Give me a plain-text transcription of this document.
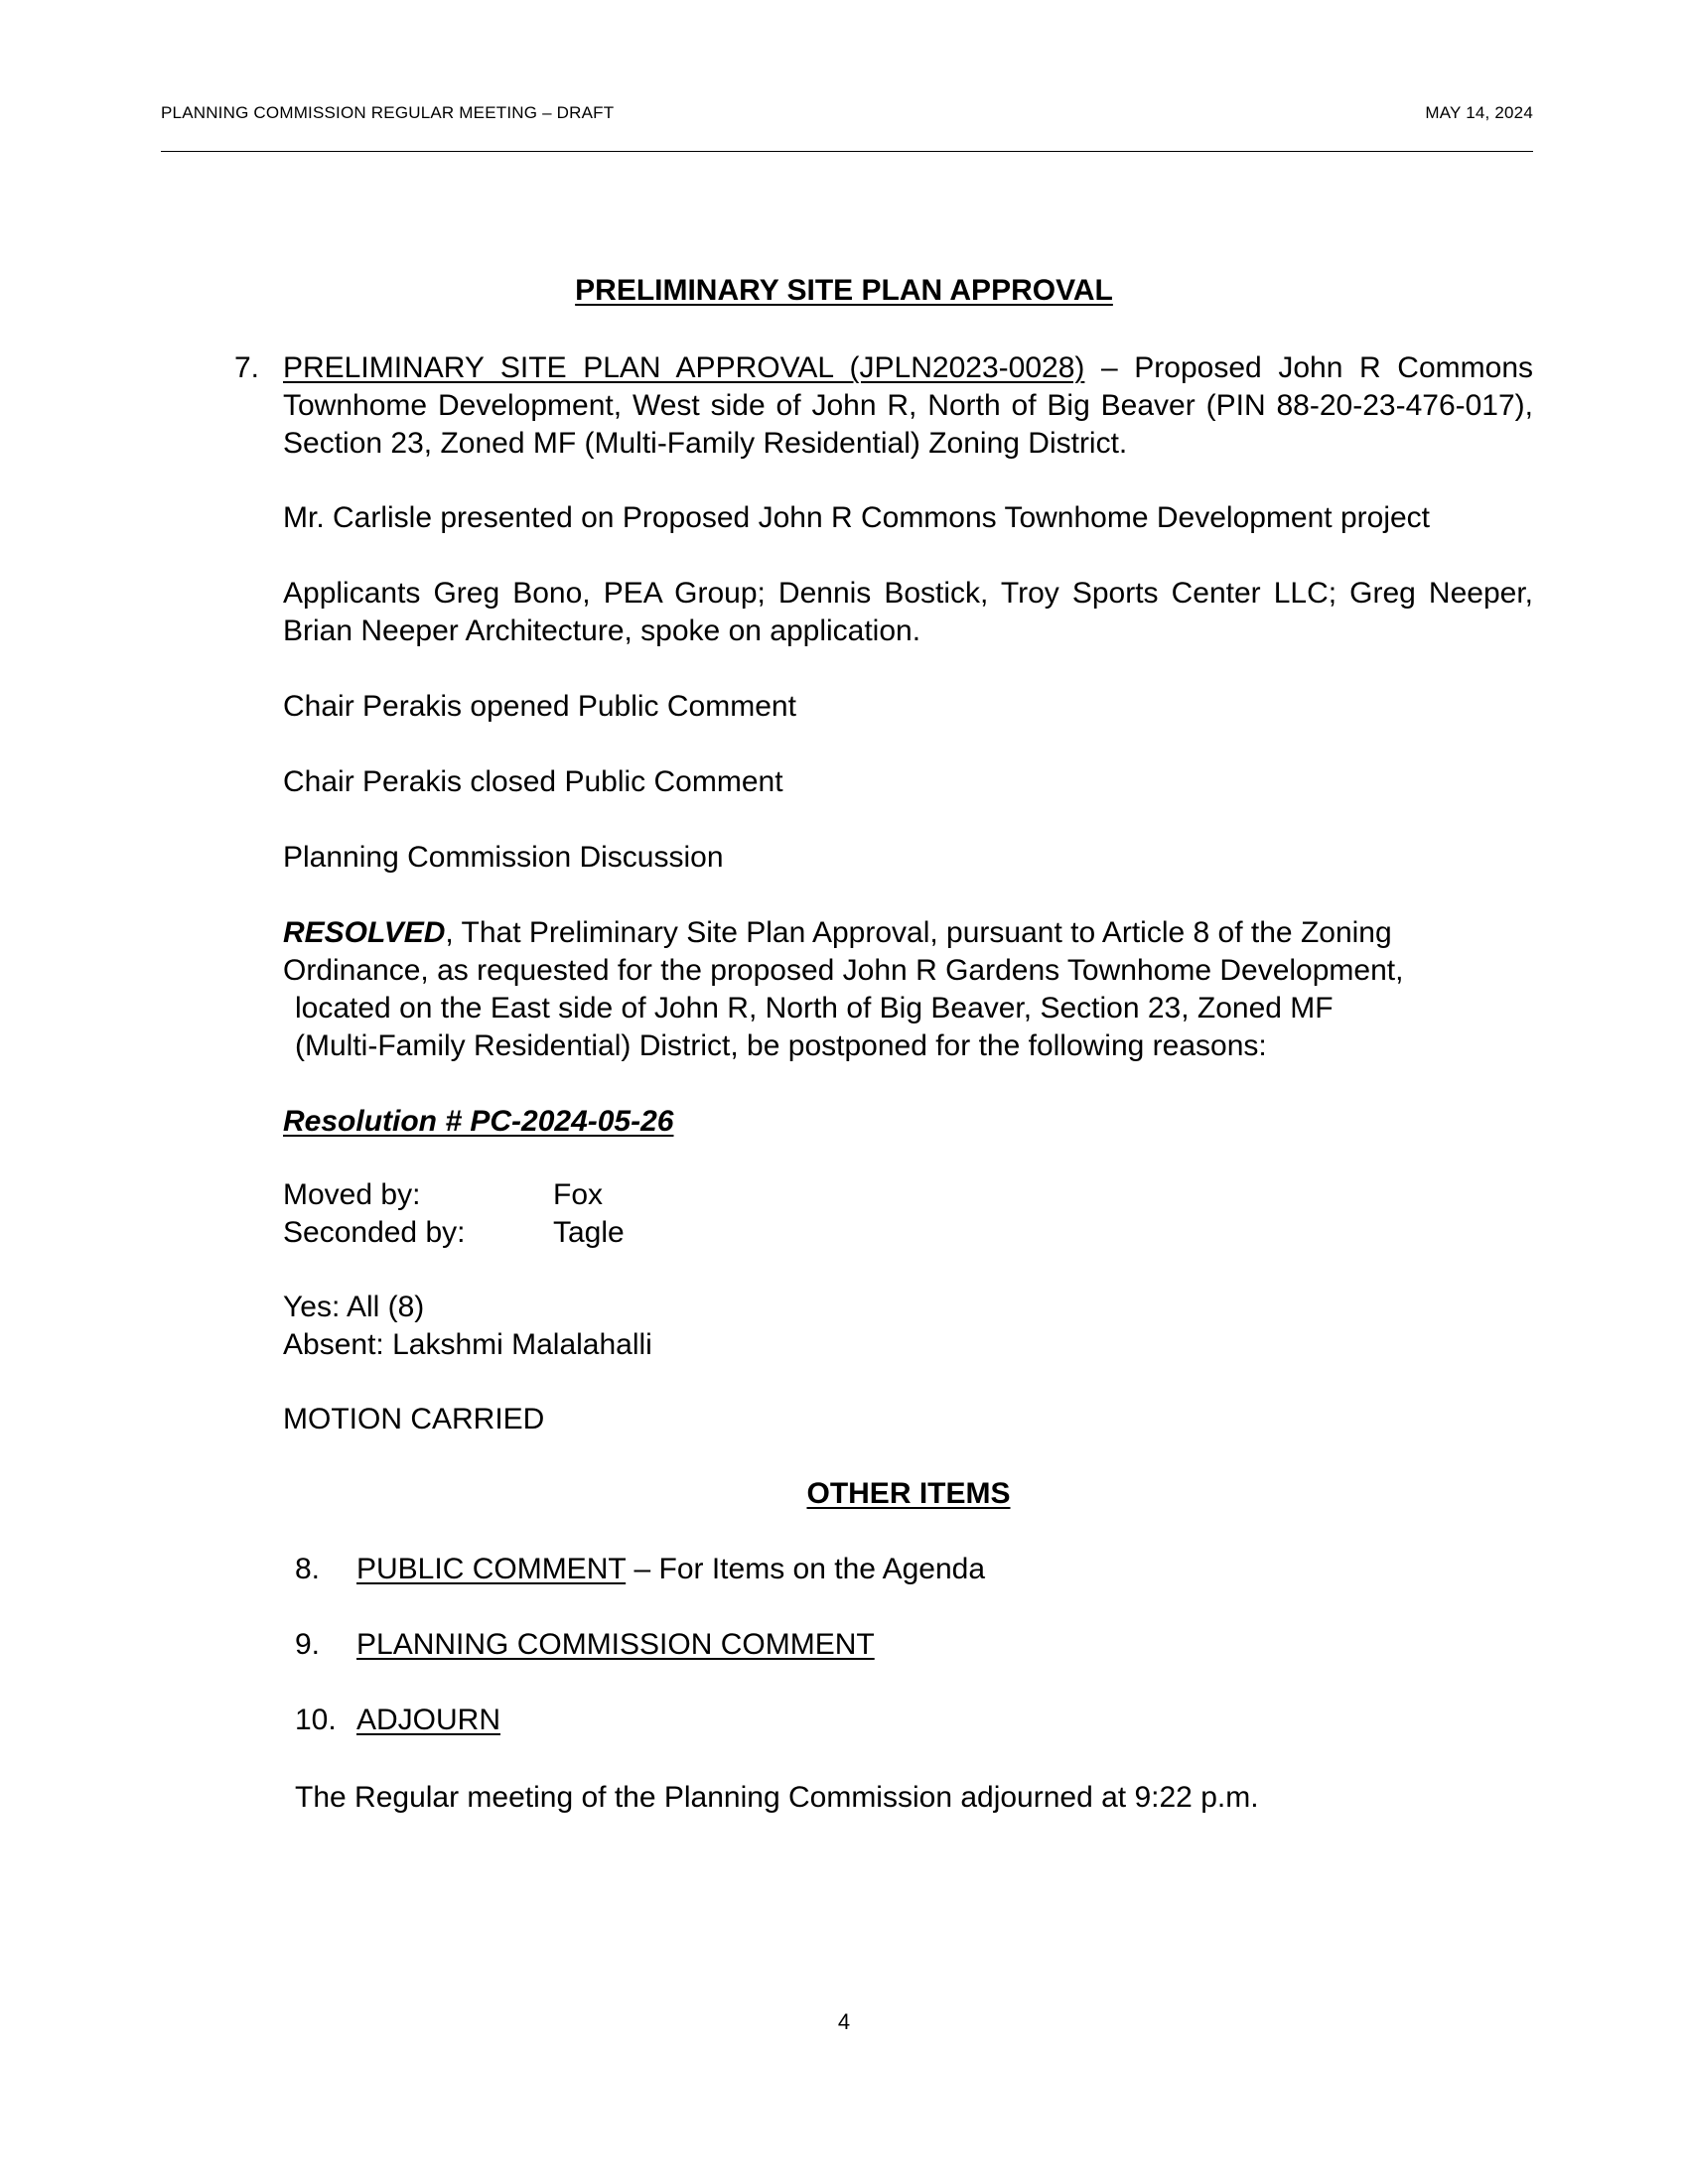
PLANNING COMMISSION REGULAR MEETING – DRAFT	MAY 14, 2024
PRELIMINARY SITE PLAN APPROVAL
7. PRELIMINARY SITE PLAN APPROVAL (JPLN2023-0028) – Proposed John R Commons Townhome Development, West side of John R, North of Big Beaver (PIN 88-20-23-476-017), Section 23, Zoned MF (Multi-Family Residential) Zoning District.
Mr. Carlisle presented on Proposed John R Commons Townhome Development project
Applicants Greg Bono, PEA Group; Dennis Bostick, Troy Sports Center LLC; Greg Neeper, Brian Neeper Architecture, spoke on application.
Chair Perakis opened Public Comment
Chair Perakis closed Public Comment
Planning Commission Discussion
RESOLVED, That Preliminary Site Plan Approval, pursuant to Article 8 of the Zoning
Ordinance, as requested for the proposed John R Gardens Townhome Development,
located on the East side of John R, North of Big Beaver, Section 23, Zoned MF
(Multi-Family Residential) District, be postponed for the following reasons:
Resolution # PC-2024-05-26
Moved by:	Fox
Seconded by:	Tagle
Yes: All (8)
Absent: Lakshmi Malalahalli
MOTION CARRIED
OTHER ITEMS
8. PUBLIC COMMENT – For Items on the Agenda
9. PLANNING COMMISSION COMMENT
10. ADJOURN
The Regular meeting of the Planning Commission adjourned at 9:22 p.m.
4
